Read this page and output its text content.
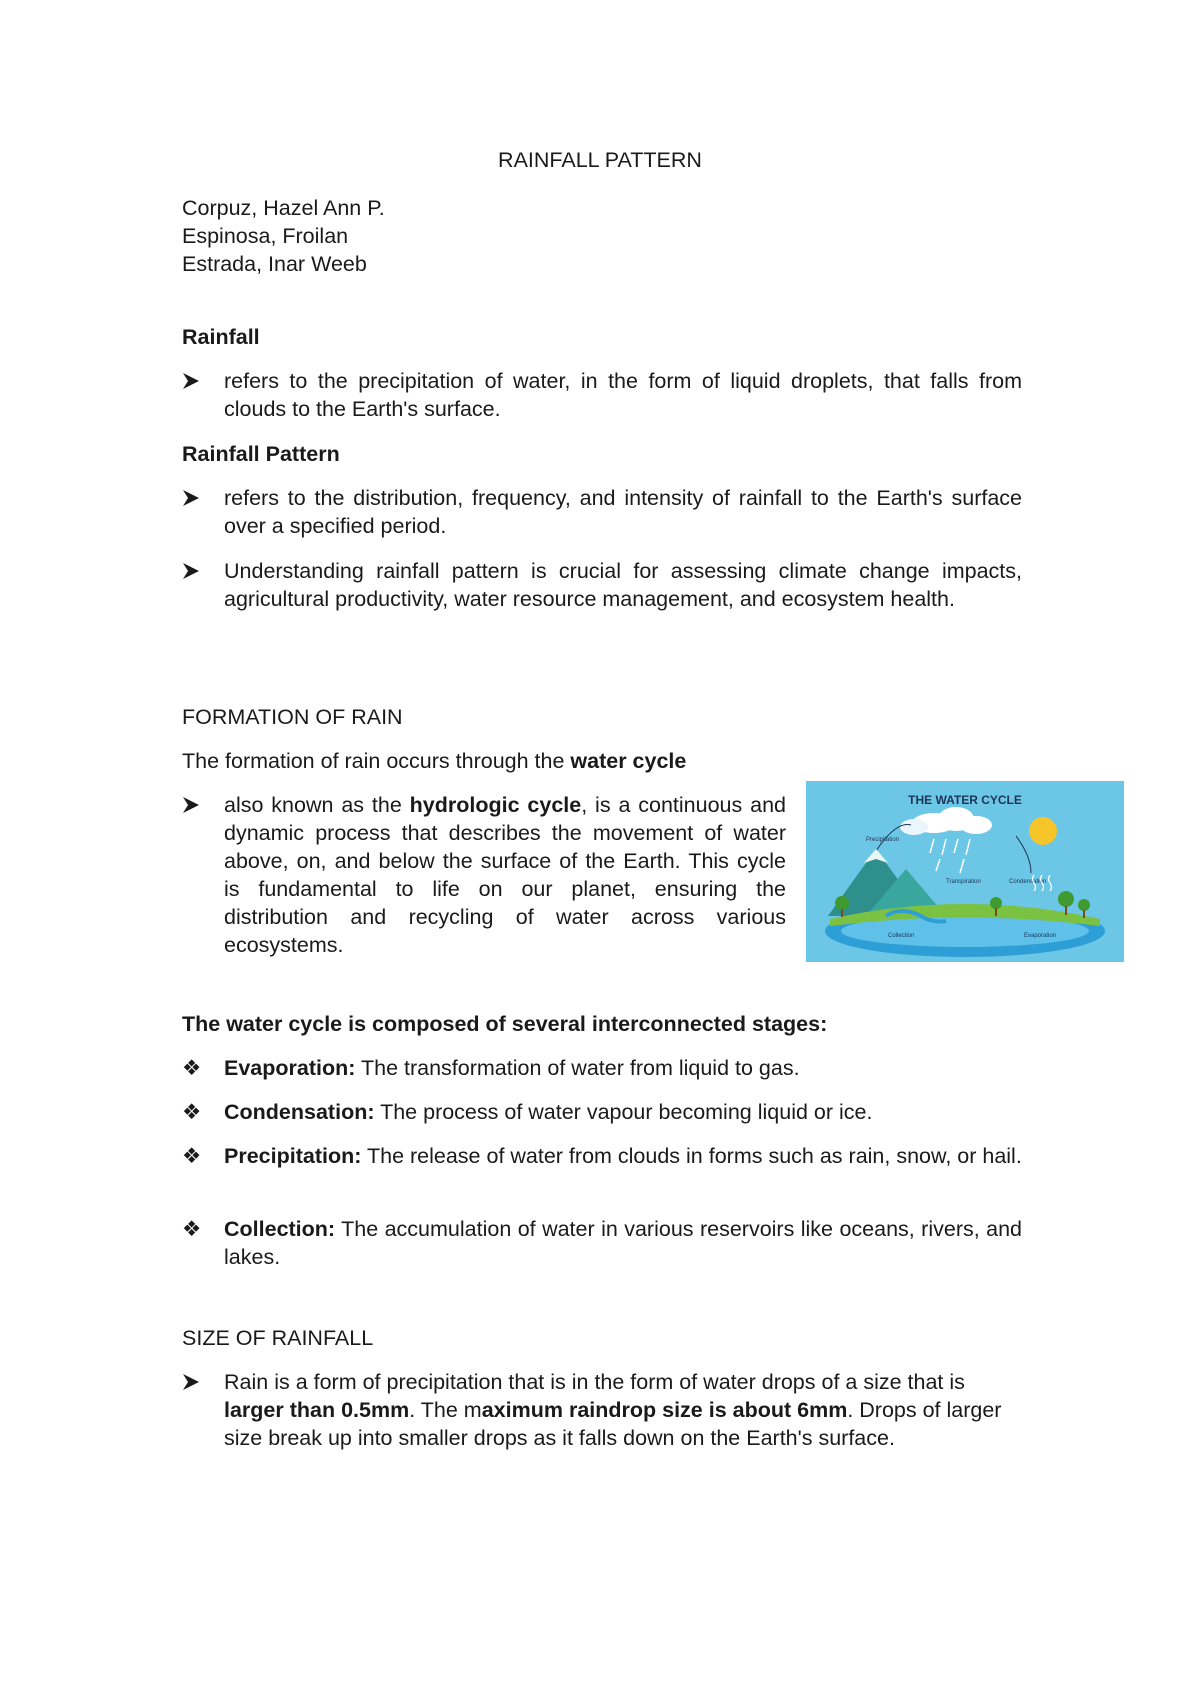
RAINFALL PATTERN
Corpuz, Hazel Ann P.
Espinosa, Froilan
Estrada, Inar Weeb
Rainfall
refers to the precipitation of water, in the form of liquid droplets, that falls from clouds to the Earth's surface.
Rainfall Pattern
refers to the distribution, frequency, and intensity of rainfall to the Earth's surface over a specified period.
Understanding rainfall pattern is crucial for assessing climate change impacts, agricultural productivity, water resource management, and ecosystem health.
FORMATION OF RAIN
The formation of rain occurs through the water cycle
also known as the hydrologic cycle, is a continuous and dynamic process that describes the movement of water above, on, and below the surface of the Earth. This cycle is fundamental to life on our planet, ensuring the distribution and recycling of water across various ecosystems.
THE WATER CYCLE
Precipitation
Transpiration	Condensation
Collection	Evaporation
The water cycle is composed of several interconnected stages:
❖	Evaporation: The transformation of water from liquid to gas.
❖	Condensation: The process of water vapour becoming liquid or ice.
❖	Precipitation: The release of water from clouds in forms such as rain, snow, or hail.
❖	Collection: The accumulation of water in various reservoirs like oceans, rivers, and lakes.
SIZE OF RAINFALL
Rain is a form of precipitation that is in the form of water drops of a size that is larger than 0.5mm. The maximum raindrop size is about 6mm. Drops of larger size break up into smaller drops as it falls down on the Earth's surface.
